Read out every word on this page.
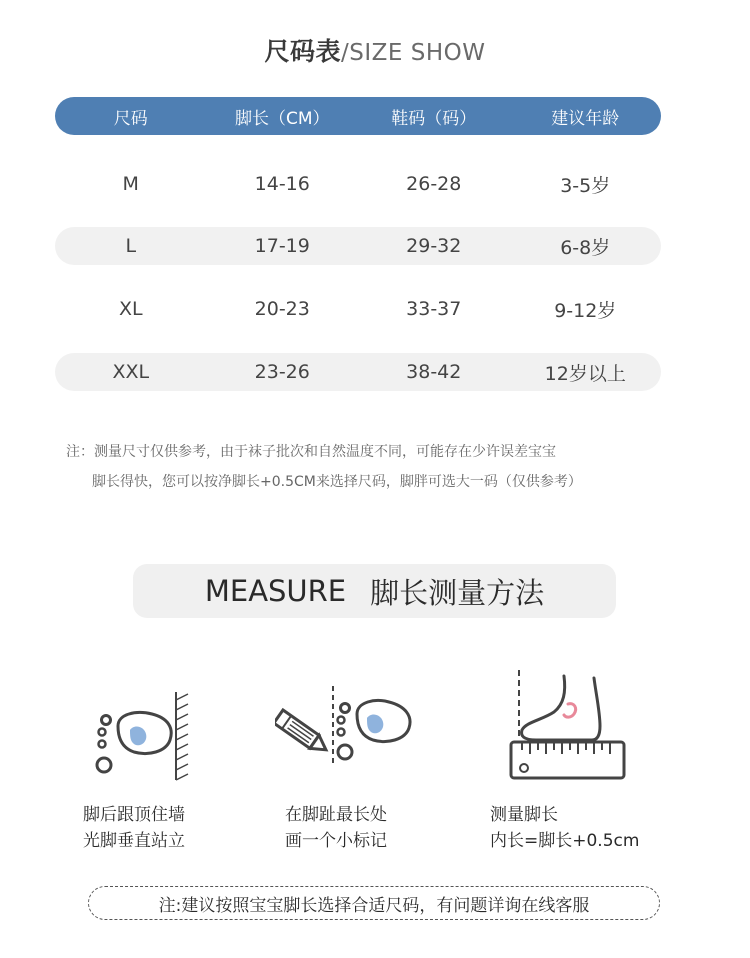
尺码表/SIZE SHOW
尺码	脚长（CM）	鞋码（码）	建议年龄
M	14-16	26-28	3-5岁
L	17-19	29-32	6-8岁
XL	20-23	33-37	9-12岁
XXL	23-26	38-42	12岁以上
注：测量尺寸仅供参考，由于袜子批次和自然温度不同，可能存在少许误差宝宝
脚长得快，您可以按净脚长+0.5CM来选择尺码，脚胖可选大一码（仅供参考）
MEASURE 脚长测量方法
脚后跟顶住墙
光脚垂直站立
在脚趾最长处
画一个小标记
测量脚长
内长=脚长+0.5cm
注:建议按照宝宝脚长选择合适尺码，有问题详询在线客服
